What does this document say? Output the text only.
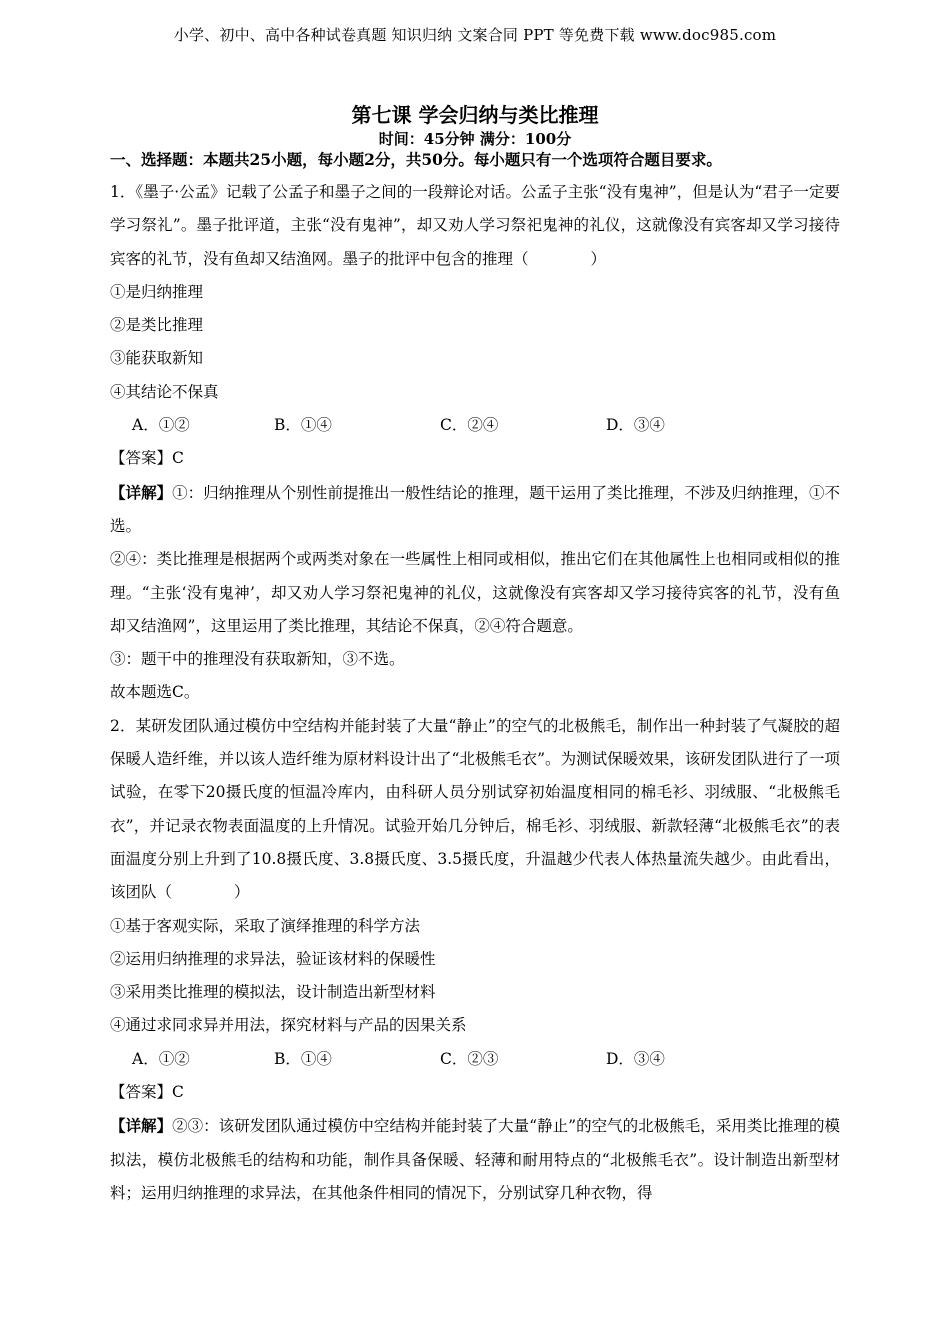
小学、初中、高中各种试卷真题 知识归纳 文案合同 PPT 等免费下载 www.doc985.com
第七课 学会归纳与类比推理
时间：45分钟 满分：100分
一、选择题：本题共25小题，每小题2分，共50分。每小题只有一个选项符合题目要求。

1．《墨子·公孟》记载了公孟子和墨子之间的一段辩论对话。公孟子主张“没有鬼神”，但是认为“君子一定要学习祭礼”。墨子批评道，主张“没有鬼神”，却又劝人学习祭祀鬼神的礼仪，这就像没有宾客却又学习接待宾客的礼节，没有鱼却又结渔网。墨子的批评中包含的推理（　　　　）

①是归纳推理

②是类比推理

③能获取新知

④其结论不保真

A．①②	B．①④	C．②④	D．③④

【答案】C

【详解】①：归纳推理从个别性前提推出一般性结论的推理，题干运用了类比推理，不涉及归纳推理，①不选。

②④：类比推理是根据两个或两类对象在一些属性上相同或相似，推出它们在其他属性上也相同或相似的推理。“主张‘没有鬼神’，却又劝人学习祭祀鬼神的礼仪，这就像没有宾客却又学习接待宾客的礼节，没有鱼却又结渔网”，这里运用了类比推理，其结论不保真，②④符合题意。

③：题干中的推理没有获取新知，③不选。

故本题选C。

2．某研发团队通过模仿中空结构并能封装了大量“静止”的空气的北极熊毛，制作出一种封装了气凝胶的超保暖人造纤维，并以该人造纤维为原材料设计出了“北极熊毛衣”。为测试保暖效果，该研发团队进行了一项试验，在零下20摄氏度的恒温冷库内，由科研人员分别试穿初始温度相同的棉毛衫、羽绒服、“北极熊毛衣”，并记录衣物表面温度的上升情况。试验开始几分钟后，棉毛衫、羽绒服、新款轻薄“北极熊毛衣”的表面温度分别上升到了10.8摄氏度、3.8摄氏度、3.5摄氏度，升温越少代表人体热量流失越少。由此看出，该团队（　　　　）

①基于客观实际，采取了演绎推理的科学方法

②运用归纳推理的求异法，验证该材料的保暖性

③采用类比推理的模拟法，设计制造出新型材料

④通过求同求异并用法，探究材料与产品的因果关系

A．①②	B．①④	C．②③	D．③④

【答案】C

【详解】②③：该研发团队通过模仿中空结构并能封装了大量“静止”的空气的北极熊毛，采用类比推理的模拟法，模仿北极熊毛的结构和功能，制作具备保暖、轻薄和耐用特点的“北极熊毛衣”。设计制造出新型材料；运用归纳推理的求异法，在其他条件相同的情况下，分别试穿几种衣物，得
